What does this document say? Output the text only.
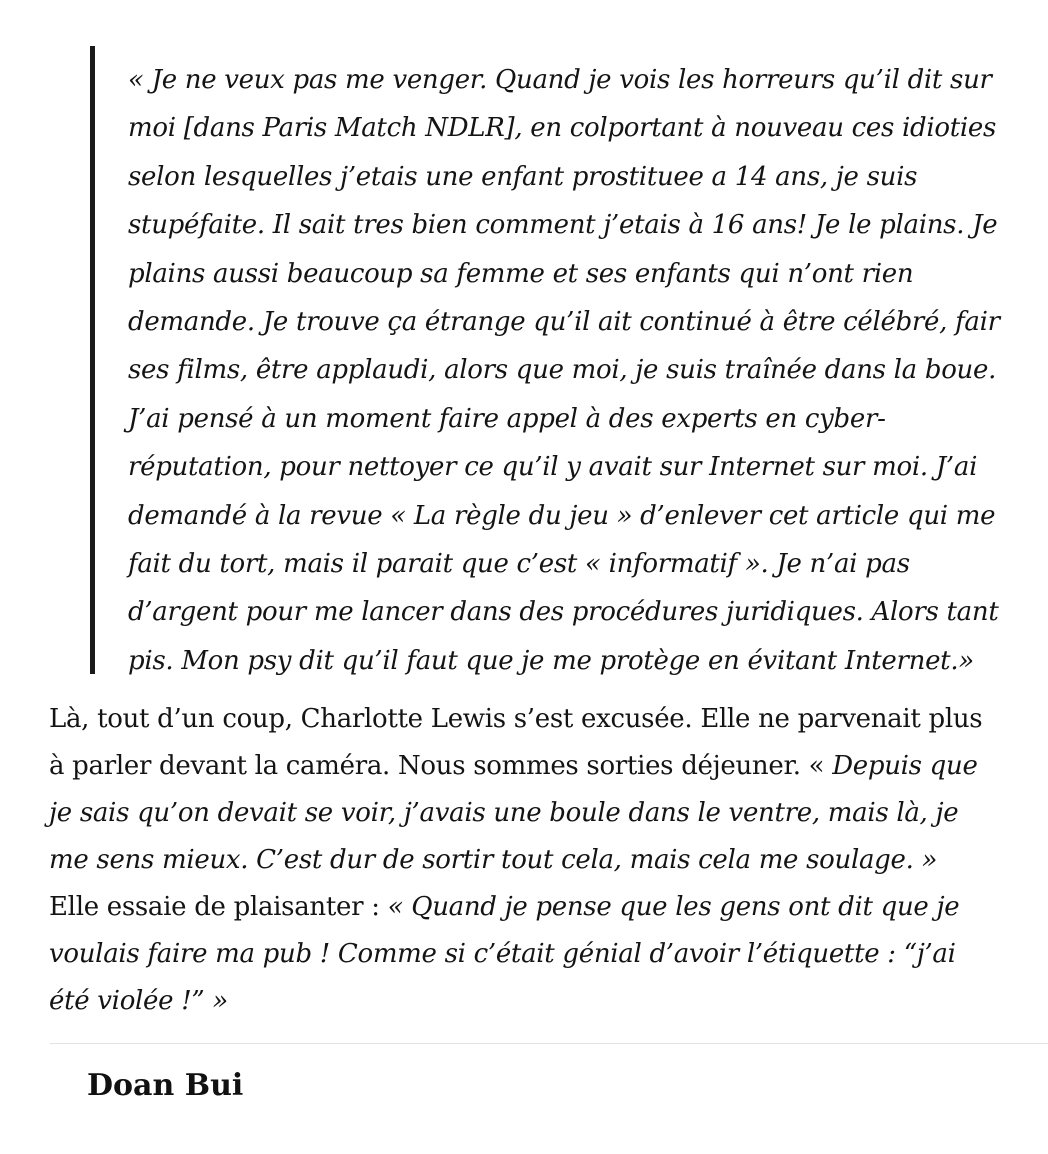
« Je ne veux pas me venger. Quand je vois les horreurs qu’il dit sur
moi [dans Paris Match NDLR], en colportant à nouveau ces idioties
selon lesquelles j’etais une enfant prostituee a 14 ans, je suis
stupéfaite. Il sait tres bien comment j’etais à 16 ans! Je le plains. Je
plains aussi beaucoup sa femme et ses enfants qui n’ont rien
demande. Je trouve ça étrange qu’il ait continué à être célébré, fair
ses films, être applaudi, alors que moi, je suis traînée dans la boue.
J’ai pensé à un moment faire appel à des experts en cyber-
réputation, pour nettoyer ce qu’il y avait sur Internet sur moi. J’ai
demandé à la revue « La règle du jeu » d’enlever cet article qui me
fait du tort, mais il parait que c’est « informatif ». Je n’ai pas
d’argent pour me lancer dans des procédures juridiques. Alors tant
pis. Mon psy dit qu’il faut que je me protège en évitant Internet.»

Là, tout d’un coup, Charlotte Lewis s’est excusée. Elle ne parvenait plus
à parler devant la caméra. Nous sommes sorties déjeuner. « Depuis que
je sais qu’on devait se voir, j’avais une boule dans le ventre, mais là, je
me sens mieux. C’est dur de sortir tout cela, mais cela me soulage. »
Elle essaie de plaisanter : « Quand je pense que les gens ont dit que je
voulais faire ma pub ! Comme si c’était génial d’avoir l’étiquette : “j’ai
été violée !” »

Doan Bui
